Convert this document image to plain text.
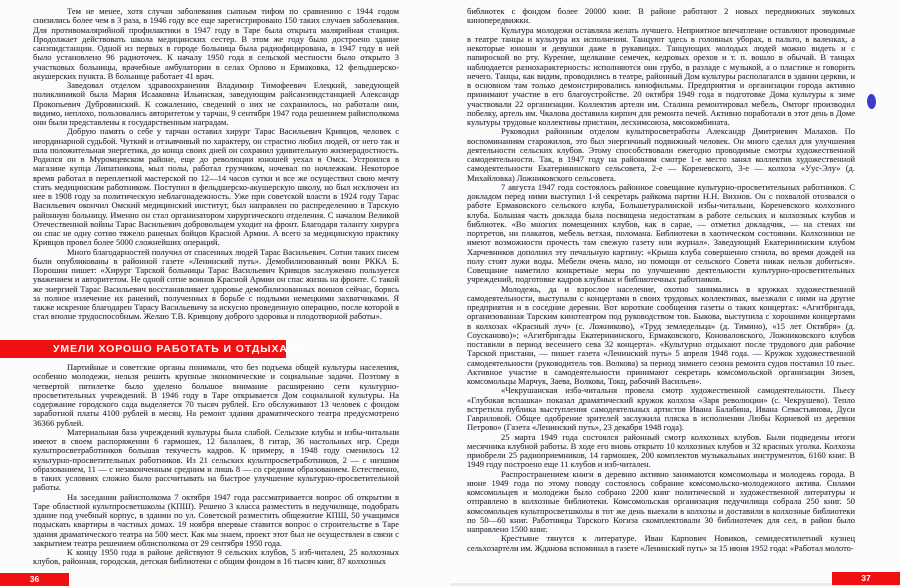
Тем не менее, хотя случаи заболевания сыпным тифом по сравнению с 1944 годом снизились более чем в 3 раза, в 1946 году все еще зарегистрировано 150 таких случаев заболевания. Для противомалярийной профилактики в 1947 году в Таре была открыта малярийная станция. Продолжает действовать школа медицинских сестер. В этом же году было достроено здание санэпидстанции. Одной из первых в городе больница была радиофицирована, в 1947 году в ней было установлено 96 радиоточек. К началу 1950 года в сельской местности было открыто 3 участковых больницы, врачебные амбулатории в селах Орлово и Ермаковка, 12 фельдшерско-акушерских пункта. В больнице работает 41 врач.

Заведовал отделом здравоохранения Владимир Тимофеевич Елецкий, заведующей поликлиникой была Мария Исааковна Ильинская, заведующим райсанэпидстанцией Александр Прокопьевич Дубровинский. К сожалению, сведений о них не сохранилось, но работали они, видимо, неплохо, пользовались авторитетом у тарчан, 9 сентября 1947 года решением райисполкома они были представлены к государственным наградам.

Добрую память о себе у тарчан оставил хирург Тарас Васильевич Кривцов, человек с неординарной судьбой. Чуткий и отзывчивый по характеру, он страстно любил людей, от него так и шла положительная энергетика, до конца своих дней он сохранил удивительную жизнерадостность. Родился он в Муромцевском районе, еще до революции юношей уехал в Омск. Устроился в магазине купца Липатникова, мыл полы, работал грузчиком, ночевал по ночлежкам. Некоторое время работал в переплетной мастерской по 12—14 часов сутки и все же осуществил свою мечту стать медицинским работником. Поступил в фельдшерско-акушерскую школу, но был исключен из нее в 1908 году за политическую неблагонадежность. Уже при советской власти в 1924 году Тарас Васильевич окончил Омский медицинский институт, был направлен по распределению в Тарскую районную больницу. Именно он стал организатором хирургического отделения. С началом Великой Отечественной войны Тарас Васильевич добровольцем уходит на фронт. Благодаря таланту хирурга он спас не одну сотню тяжело раненых бойцов Красной Армии. А всего за медицинскую практику Кривцов провел более 5000 сложнейших операций.

Много благодарностей получил от спасенных людей Тарас Васильевич. Сотни таких писем были опубликованы в районной газете «Ленинский путь». Демобилизованный воин РККА Б. Порошин пишет: «Хирург Тарской больницы Тарас Васильевич Кривцов заслуженно пользуется уважением и авторитетом. Не одной сотне воинов Красной Армии он спас жизнь на фронте. С такой же энергией Тарас Васильевич восстанавливает здоровье демобилизованных воинов сейчас, борясь за полное излечение их ранений, полученных в борьбе с подлыми немецкими захватчиками. Я также искренне благодарен Тарасу Васильевичу за искусно проведенную операцию, после которой я стал вполне трудоспособным. Желаю Т.В. Кривцову доброго здоровья и плодотворной работы».

УМЕЛИ ХОРОШО РАБОТАТЬ И ОТДЫХАТЬ

Партийные и советские органы понимали, что без подъема общей культуры населения, особенно молодежи, нельзя решить крупные экономические и социальные задачи. Поэтому в четвертой пятилетке было уделено большое внимание расширению сети культурно-просветительных учреждений. В 1946 году в Таре открывается Дом социальной культуры. На содержание городского сада выделяется 70 тысяч рублей. Его обслуживают 13 человек с фондом заработной платы 4100 рублей в месяц. На ремонт здания драматического театра предусмотрено 36366 рублей.

Материальная база учреждений культуры была слабой. Сельские клубы и избы-читальни имеют в своем распоряжении 6 гармошек, 12 балалаек, 8 гитар, 36 настольных игр. Среди культпросветработников большая текучесть кадров. К примеру, в 1948 году сменилось 12 культурно-просветительных работников. Из 21 сельских культпросветработников, 2 — с низшим образованием, 11 — с незаконченным средним и лишь 8 — со средним образованием. Естественно, в таких условиях сложно было рассчитывать на быстрое улучшение культурно-просветительной работы.

На заседании райисполкома 7 октября 1947 года рассматривается вопрос об открытии в Таре областной культпросветшколы (КПШ). Решено 3 класса разместить в педучилище, подобрать здание под учебный корпус, в здании по ул. Советской разместить общежитие КПШ, 50 учащимся подыскать квартиры в частных домах. 19 ноября впервые ставится вопрос о строительстве в Таре здания драматического театра на 500 мест. Как мы знаем, проект этот был не осуществлен в связи с закрытием театра решением облисполкома от 29 сентября 1950 года.

К концу 1950 года в районе действуют 9 сельских клубов, 5 изб-читален, 25 колхозных клубов, районная, городская, детская библиотеки с общим фондом в 16 тысяч книг, 87 колхозных

36

библиотек с фондом более 20000 книг. В районе работают 2 новых передвижных звуковых кинопередвижки.

Культура молодежи оставляла желать лучшего. Неприятное впечатление оставляют проводимые в театре танцы и культура их исполнения. Танцуют здесь в головных уборах, в пальто, в валенках, а некоторые юноши и девушки даже в рукавицах. Танцующих молодых людей можно видеть и с папироской во рту. Курение, щелкание семечек, кедровых орехов и т. п. вошло в обычай. В танцах наблюдается разнохарактерность: исполняются они грубо, в разладе с музыкой, а о пластике и говорить нечего. Танцы, как видим, проводились в театре, районный Дом культуры располагался в здании церкви, и в основном там только демонстрировались кинофильмы. Предприятия и организации города активно принимают участие в его благоустройстве. 20 октября 1949 года в подготовке Дома культуры к зиме участвовали 22 организации. Коллектив артели им. Сталина ремонтировал мебель, Омторг производил побелку, артель им. Чкалова доставила кирпич для ремонта печей. Активно поработали в этот день в Доме культуры трудовые коллективы пристани, лесхимсоюза, мясокомбината.

Руководил районным отделом культпросветработы Александр Дмитриевич Малахов. По воспоминаниям старожилов, это был энергичный подвижный человек. Он много сделал для улучшения деятельности сельских клубов. Этому способствовали ежегодно проводимые смотры художественной самодеятельности. Так, в 1947 году на районном смотре 1-е место занял коллектив художественной самодеятельности Екатерининского сельсовета, 2-е — Кореневского, 3-е — колхоза «Уус-Элу» (д. Михайловка) Ложниковского сельсовета.

7 августа 1947 года состоялось районное совещание культурно-просветительных работников. С докладом перед ними выступил 1-й секретарь райкома партии Н.Н. Вихнов. Он с похвалой отозвался о работе Ермаковского сельского клуба, Большетуралинской избы-читальни, Кореневского колхозного клуба. Большая часть доклада была посвящена недостаткам в работе сельских и колхозных клубов и библиотек. «Во многих помещениях клубов, как в сарае, — отметил докладчик, — на стенах ни портретов, ни плакатов, мебель ветхая, поломана. Библиотеки в хаотическом состоянии. Колхозники не имеют возможности прочесть там свежую газету или журнал». Заведующий Екатерининским клубом Харчевников дополнил эту печальную картину: «Крыша клуба совершенно сгнила, во время дождей на полу стоят лужи воды. Мебели очень мало, но помощи от сельского Совета никак нельзя добиться». Совещание наметило конкретные меры по улучшению деятельности культурно-просветительных учреждений, подготовке кадров клубных и библиотечных работников.

Молодежь, да и взрослое население, охотно занимались в кружках художественной самодеятельности, выступали с концертами в своих трудовых коллективах, выезжали с ними на другие предприятия и в соседние деревни. Вот короткие сообщения газеты о таких концертах: «Агитбригада, организованная Тарским кинотеатром под руководством тов. Быкова, выступила с хорошими концертами в колхозах «Красный луч» (с. Ложниково), «Труд земледельца» (д. Тимино), «15 лет Октября» (д. Соусканово)»; «Агитбригады Екатерининского, Ермаковского, Коноваловского, Ложниковского клубов поставили в период весеннего сева 32 концерта». «Культурно отдыхают после трудового дня рабочие Тарской пристани, — пишет газета «Ленинский путь» 5 апреля 1948 года. — Кружок художественной самодеятельности (руководитель тов. Волкова) за период зимнего сезона ремонта судов поставил 10 пьес. Активное участие в самодеятельности принимают секретарь комсомольской организации Зюзев, комсомольцы Марчук, Заева, Волкова, Токц, рабочий Васильев».

«Чекрушанская изба-читальня провела смотр художественной самодеятельности. Пьесу «Глубокая вспашка» показал драматический кружок колхоза «Заря революции» (с. Чекрушево). Тепло встретила публика выступления самодеятельных артистов Ивана Балабина, Ивана Севастьянова, Дуси Гавриловой. Общее одобрение зрителей заслужила пляска в исполнении Любы Корневой из деревни Петрово» (Газета «Ленинский путь», 23 декабря 1948 года).

25 марта 1949 года состоялся районный смотр колхозных клубов. Были подведены итоги месячника клубной работы. В ходе его вновь открыто 10 колхозных клубов и 32 красных уголка. Колхозы приобрели 25 радиоприемников, 14 гармошек, 200 комплектов музыкальных инструментов, 6160 книг. В 1949 году построено еще 11 клубов и изб-читален.

Распространением книги в деревню активно занимаются комсомольцы и молодежь города. В июне 1949 года по этому поводу состоялось собрание комсомольско-молодежного актива. Силами комсомольцев и молодежи было собрано 2200 книг политической и художественной литературы и отправлено в колхозные библиотеки. Комсомольская организация педучилища собрала 250 книг. 50 комсомольцев культпросветшколы в тот же день выехали в колхозы и доставили в колхозные библиотеки по 50—60 книг. Работницы Тарского Когиза скомплектовали 30 библиотечек для сел, в район было направлено 1500 книг.

Крестьяне тянутся к литературе. Иван Карпович Новиков, семидесятилетний кузнец сельхозартели им. Жданова вспоминал в газете «Ленинский путь» за 15 июня 1952 года: «Работал молото-

37
